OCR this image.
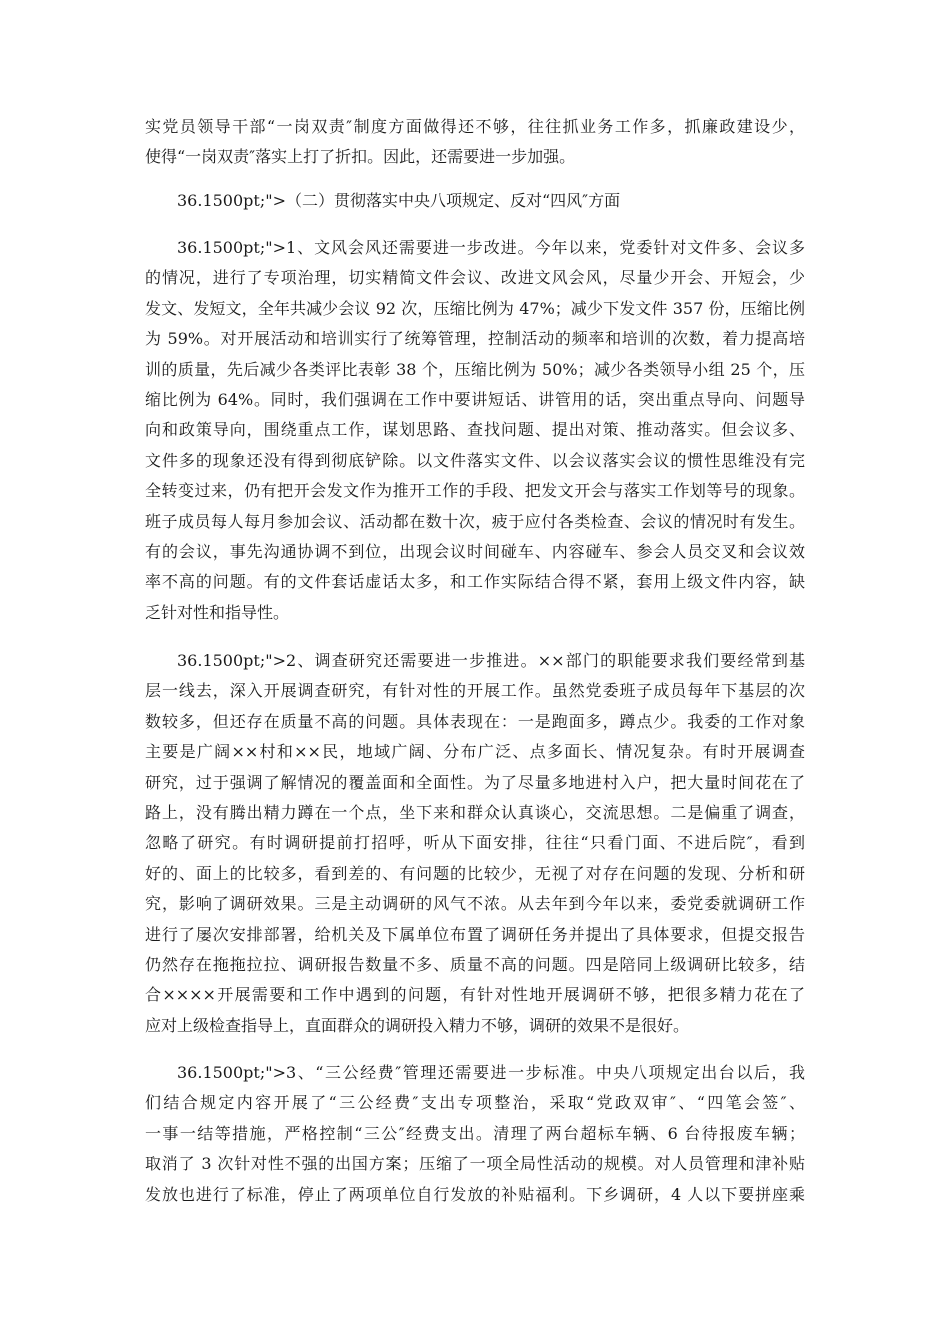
实党员领导干部“一岗双责″制度方面做得还不够，往往抓业务工作多，抓廉政建设少，
使得“一岗双责″落实上打了折扣。因此，还需要进一步加强。
36.1500pt;">（二）贯彻落实中央八项规定、反对“四风″方面
36.1500pt;">1、文风会风还需要进一步改进。今年以来，党委针对文件多、会议多
的情况，进行了专项治理，切实精简文件会议、改进文风会风，尽量少开会、开短会，少
发文、发短文，全年共减少会议 92 次，压缩比例为 47%；减少下发文件 357 份，压缩比例
为 59%。对开展活动和培训实行了统筹管理，控制活动的频率和培训的次数，着力提高培
训的质量，先后减少各类评比表彰 38 个，压缩比例为 50%；减少各类领导小组 25 个，压
缩比例为 64%。同时，我们强调在工作中要讲短话、讲管用的话，突出重点导向、问题导
向和政策导向，围绕重点工作，谋划思路、查找问题、提出对策、推动落实。但会议多、
文件多的现象还没有得到彻底铲除。以文件落实文件、以会议落实会议的惯性思维没有完
全转变过来，仍有把开会发文作为推开工作的手段、把发文开会与落实工作划等号的现象。
班子成员每人每月参加会议、活动都在数十次，疲于应付各类检查、会议的情况时有发生。
有的会议，事先沟通协调不到位，出现会议时间碰车、内容碰车、参会人员交叉和会议效
率不高的问题。有的文件套话虚话太多，和工作实际结合得不紧，套用上级文件内容，缺
乏针对性和指导性。
36.1500pt;">2、调查研究还需要进一步推进。××部门的职能要求我们要经常到基
层一线去，深入开展调查研究，有针对性的开展工作。虽然党委班子成员每年下基层的次
数较多，但还存在质量不高的问题。具体表现在：一是跑面多，蹲点少。我委的工作对象
主要是广阔××村和××民，地域广阔、分布广泛、点多面长、情况复杂。有时开展调查
研究，过于强调了解情况的覆盖面和全面性。为了尽量多地进村入户，把大量时间花在了
路上，没有腾出精力蹲在一个点，坐下来和群众认真谈心，交流思想。二是偏重了调查，
忽略了研究。有时调研提前打招呼，听从下面安排，往往“只看门面、不进后院″，看到
好的、面上的比较多，看到差的、有问题的比较少，无视了对存在问题的发现、分析和研
究，影响了调研效果。三是主动调研的风气不浓。从去年到今年以来，委党委就调研工作
进行了屡次安排部署，给机关及下属单位布置了调研任务并提出了具体要求，但提交报告
仍然存在拖拖拉拉、调研报告数量不多、质量不高的问题。四是陪同上级调研比较多，结
合××××开展需要和工作中遇到的问题，有针对性地开展调研不够，把很多精力花在了
应对上级检查指导上，直面群众的调研投入精力不够，调研的效果不是很好。
36.1500pt;">3、“三公经费″管理还需要进一步标准。中央八项规定出台以后，我
们结合规定内容开展了“三公经费″支出专项整治，采取“党政双审″、“四笔会签″、
一事一结等措施，严格控制“三公″经费支出。清理了两台超标车辆、6 台待报废车辆；
取消了 3 次针对性不强的出国方案；压缩了一项全局性活动的规模。对人员管理和津补贴
发放也进行了标准，停止了两项单位自行发放的补贴福利。下乡调研，4 人以下要拼座乘
